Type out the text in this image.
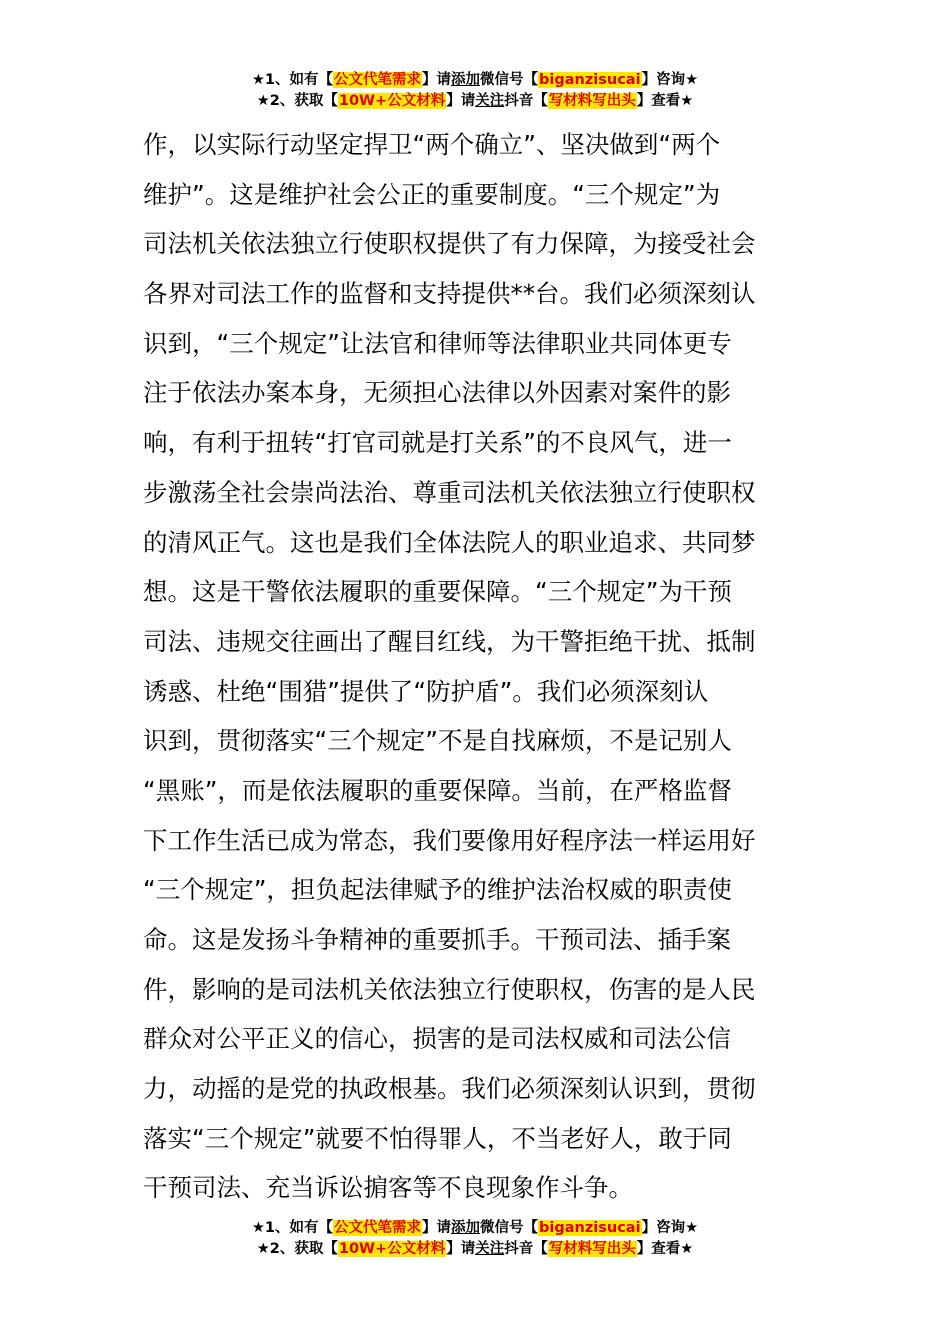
★1、如有【公文代笔需求】请添加微信号【biganzisucai】咨询★
★2、获取【10W+公文材料】请关注抖音【写材料写出头】查看★
作，以实际行动坚定捍卫“两个确立”、坚决做到“两个
维护”。这是维护社会公正的重要制度。“三个规定”为
司法机关依法独立行使职权提供了有力保障，为接受社会
各界对司法工作的监督和支持提供**台。我们必须深刻认
识到，“三个规定”让法官和律师等法律职业共同体更专
注于依法办案本身，无须担心法律以外因素对案件的影
响，有利于扭转“打官司就是打关系”的不良风气，进一
步激荡全社会崇尚法治、尊重司法机关依法独立行使职权
的清风正气。这也是我们全体法院人的职业追求、共同梦
想。这是干警依法履职的重要保障。“三个规定”为干预
司法、违规交往画出了醒目红线，为干警拒绝干扰、抵制
诱惑、杜绝“围猎”提供了“防护盾”。我们必须深刻认
识到，贯彻落实“三个规定”不是自找麻烦，不是记别人
“黑账”，而是依法履职的重要保障。当前，在严格监督
下工作生活已成为常态，我们要像用好程序法一样运用好
“三个规定”，担负起法律赋予的维护法治权威的职责使
命。这是发扬斗争精神的重要抓手。干预司法、插手案
件，影响的是司法机关依法独立行使职权，伤害的是人民
群众对公平正义的信心，损害的是司法权威和司法公信
力，动摇的是党的执政根基。我们必须深刻认识到，贯彻
落实“三个规定”就要不怕得罪人，不当老好人，敢于同
干预司法、充当诉讼掮客等不良现象作斗争。
★1、如有【公文代笔需求】请添加微信号【biganzisucai】咨询★
★2、获取【10W+公文材料】请关注抖音【写材料写出头】查看★
